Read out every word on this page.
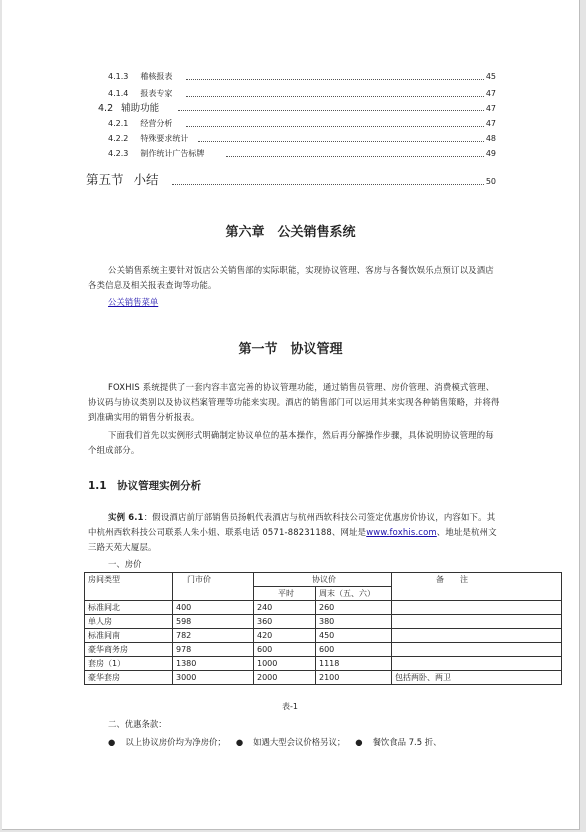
4.1.3 稽核报表	45
4.1.4 报表专家	47
4.2 辅助功能	47
4.2.1 经营分析	47
4.2.2 特殊要求统计	48
4.2.3 制作统计广告标牌	49
第五节 小结	50
第六章　公关销售系统

公关销售系统主要针对饭店公关销售部的实际职能，实现协议管理、客房与各餐饮娱乐点预订以及酒店各类信息及相关报表查询等功能。

公关销售菜单
第一节　协议管理

FOXHIS 系统提供了一套内容丰富完善的协议管理功能，通过销售员管理、房价管理、消费模式管理、协议码与协议类别以及协议档案管理等功能来实现。酒店的销售部门可以运用其来实现各种销售策略，并将得到准确实用的销售分析报表。

下面我们首先以实例形式明确制定协议单位的基本操作，然后再分解操作步骤，具体说明协议管理的每个组成部分。

1.1　协议管理实例分析

实例 6.1：假设酒店前厅部销售员扬帆代表酒店与杭州西软科技公司签定优惠房价协议，内容如下。其中杭州西软科技公司联系人朱小姐、联系电话 0571-88231188、网址是www.foxhis.com、地址是杭州文三路天苑大厦层。

一、房价
房间类型	门市价	协议价		备　　注
		平时	周末（五、六）	
标准间北	400	240	260	
单人房	598	360	380	
标准间南	782	420	450	
豪华商务房	978	600	600	
套房（1）	1380	1000	1118	
豪华套房	3000	2000	2100	包括两卧、两卫
表-1
二、优惠条款：
● 以上协议房价均为净房价； ● 如遇大型会议价格另议； ● 餐饮食品 7.5 折、
